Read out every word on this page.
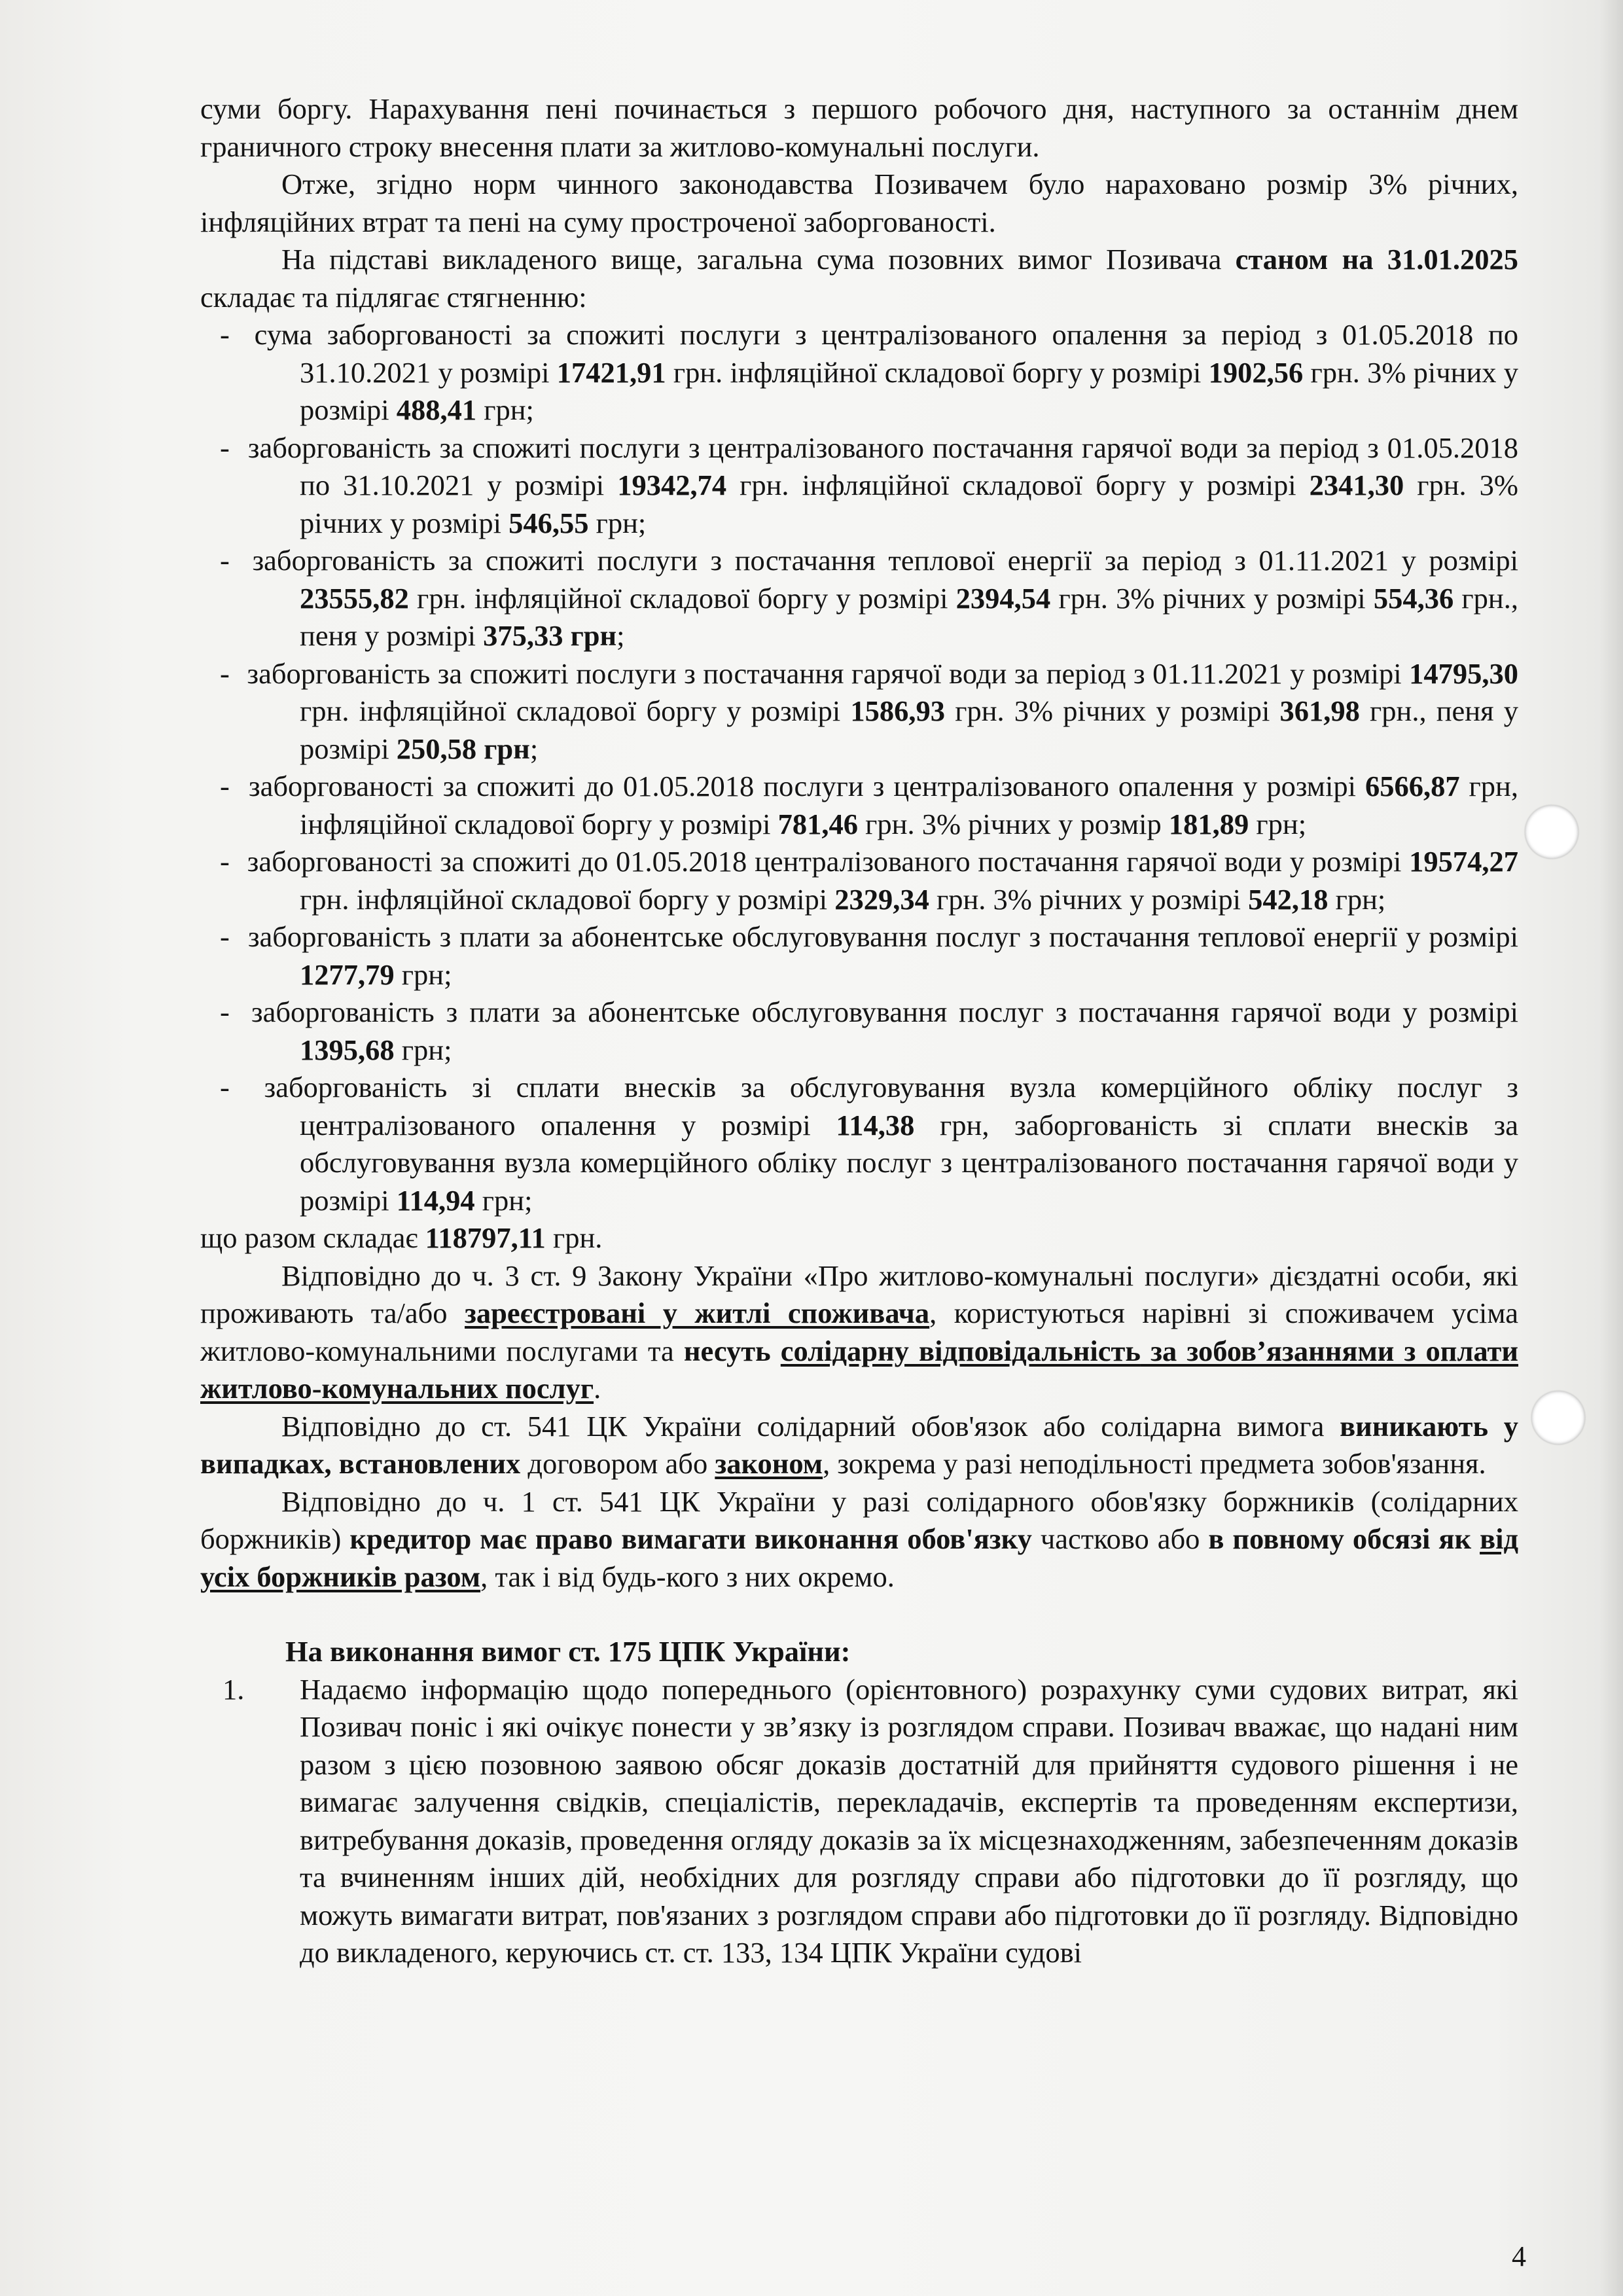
суми боргу. Нарахування пені починається з першого робочого дня, наступного за останнім днем граничного строку внесення плати за житлово-комунальні послуги.

Отже, згідно норм чинного законодавства Позивачем було нараховано розмір 3% річних, інфляційних втрат та пені на суму простроченої заборгованості.

На підставі викладеного вище, загальна сума позовних вимог Позивача станом на 31.01.2025 складає та підлягає стягненню:

- сума заборгованості за спожиті послуги з централізованого опалення за період з 01.05.2018 по 31.10.2021 у розмірі 17421,91 грн. інфляційної складової боргу у розмірі 1902,56 грн. 3% річних у розмірі 488,41 грн;
- заборгованість за спожиті послуги з централізованого постачання гарячої води за період з 01.05.2018 по 31.10.2021 у розмірі 19342,74 грн. інфляційної складової боргу у розмірі 2341,30 грн. 3% річних у розмірі 546,55 грн;
- заборгованість за спожиті послуги з постачання теплової енергії за період з 01.11.2021 у розмірі 23555,82 грн. інфляційної складової боргу у розмірі 2394,54 грн. 3% річних у розмірі 554,36 грн., пеня у розмірі 375,33 грн;
- заборгованість за спожиті послуги з постачання гарячої води за період з 01.11.2021 у розмірі 14795,30 грн. інфляційної складової боргу у розмірі 1586,93 грн. 3% річних у розмірі 361,98 грн., пеня у розмірі 250,58 грн;
- заборгованості за спожиті до 01.05.2018 послуги з централізованого опалення у розмірі 6566,87 грн, інфляційної складової боргу у розмірі 781,46 грн. 3% річних у розмір 181,89 грн;
- заборгованості за спожиті до 01.05.2018 централізованого постачання гарячої води у розмірі 19574,27 грн. інфляційної складової боргу у розмірі 2329,34 грн. 3% річних у розмірі 542,18 грн;
- заборгованість з плати за абонентське обслуговування послуг з постачання теплової енергії у розмірі 1277,79 грн;
- заборгованість з плати за абонентське обслуговування послуг з постачання гарячої води у розмірі 1395,68 грн;
- заборгованість зі сплати внесків за обслуговування вузла комерційного обліку послуг з централізованого опалення у розмірі 114,38 грн, заборгованість зі сплати внесків за обслуговування вузла комерційного обліку послуг з централізованого постачання гарячої води у розмірі 114,94 грн;

що разом складає 118797,11 грн.

Відповідно до ч. 3 ст. 9 Закону України «Про житлово-комунальні послуги» дієздатні особи, які проживають та/або зареєстровані у житлі споживача, користуються нарівні зі споживачем усіма житлово-комунальними послугами та несуть солідарну відповідальність за зобов’язаннями з оплати житлово-комунальних послуг.

Відповідно до ст. 541 ЦК України солідарний обов'язок або солідарна вимога виникають у випадках, встановлених договором або законом, зокрема у разі неподільності предмета зобов'язання.

Відповідно до ч. 1 ст. 541 ЦК України у разі солідарного обов'язку боржників (солідарних боржників) кредитор має право вимагати виконання обов'язку частково або в повному обсязі як від усіх боржників разом, так і від будь-кого з них окремо.

На виконання вимог ст. 175 ЦПК України:

1. Надаємо інформацію щодо попереднього (орієнтовного) розрахунку суми судових витрат, які Позивач поніс і які очікує понести у зв’язку із розглядом справи. Позивач вважає, що надані ним разом з цією позовною заявою обсяг доказів достатній для прийняття судового рішення і не вимагає залучення свідків, спеціалістів, перекладачів, експертів та проведенням експертизи, витребування доказів, проведення огляду доказів за їх місцезнаходженням, забезпеченням доказів та вчиненням інших дій, необхідних для розгляду справи або підготовки до її розгляду, що можуть вимагати витрат, пов'язаних з розглядом справи або підготовки до її розгляду. Відповідно до викладеного, керуючись ст. ст. 133, 134 ЦПК України судові
4
